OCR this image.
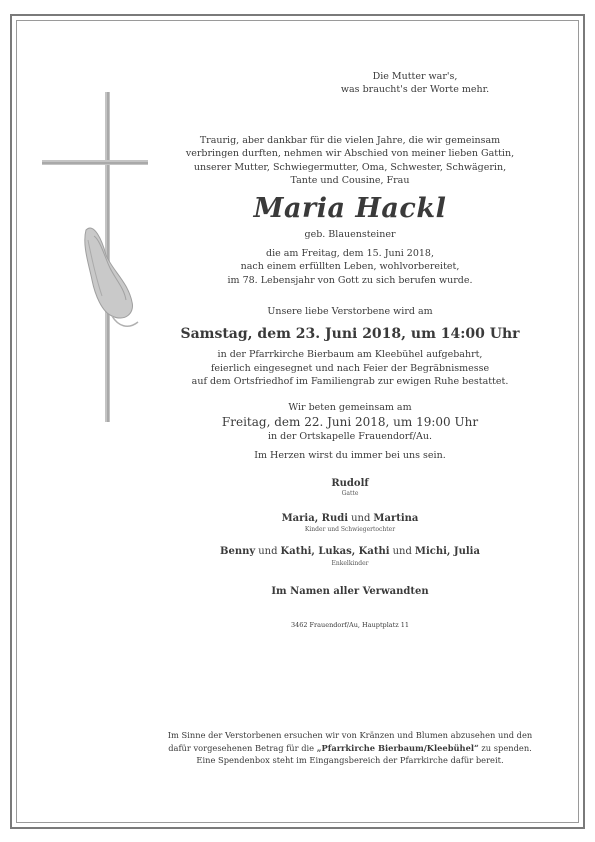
Die Mutter war's,
was braucht's der Worte mehr.
Traurig, aber dankbar für die vielen Jahre, die wir gemeinsam
verbringen durften, nehmen wir Abschied von meiner lieben Gattin,
unserer Mutter, Schwiegermutter, Oma, Schwester, Schwägerin,
Tante und Cousine, Frau
Maria Hackl
geb. Blauensteiner
die am Freitag, dem 15. Juni 2018,
nach einem erfüllten Leben, wohlvorbereitet,
im 78. Lebensjahr von Gott zu sich berufen wurde.
Unsere liebe Verstorbene wird am
Samstag, dem 23. Juni 2018, um 14:00 Uhr
in der Pfarrkirche Bierbaum am Kleebühel aufgebahrt,
feierlich eingesegnet und nach Feier der Begräbnismesse
auf dem Ortsfriedhof im Familiengrab zur ewigen Ruhe bestattet.
Wir beten gemeinsam am
Freitag, dem 22. Juni 2018, um 19:00 Uhr
in der Ortskapelle Frauendorf/Au.
Im Herzen wirst du immer bei uns sein.
Rudolf
Gatte
Maria, Rudi und Martina
Kinder und Schwiegertochter
Benny und Kathi, Lukas, Kathi und Michi, Julia
Enkelkinder
Im Namen aller Verwandten
3462 Frauendorf/Au, Hauptplatz 11
Im Sinne der Verstorbenen ersuchen wir von Kränzen und Blumen abzusehen und den
dafür vorgesehenen Betrag für die „Pfarrkirche Bierbaum/Kleebühel“ zu spenden.
Eine Spendenbox steht im Eingangsbereich der Pfarrkirche dafür bereit.
